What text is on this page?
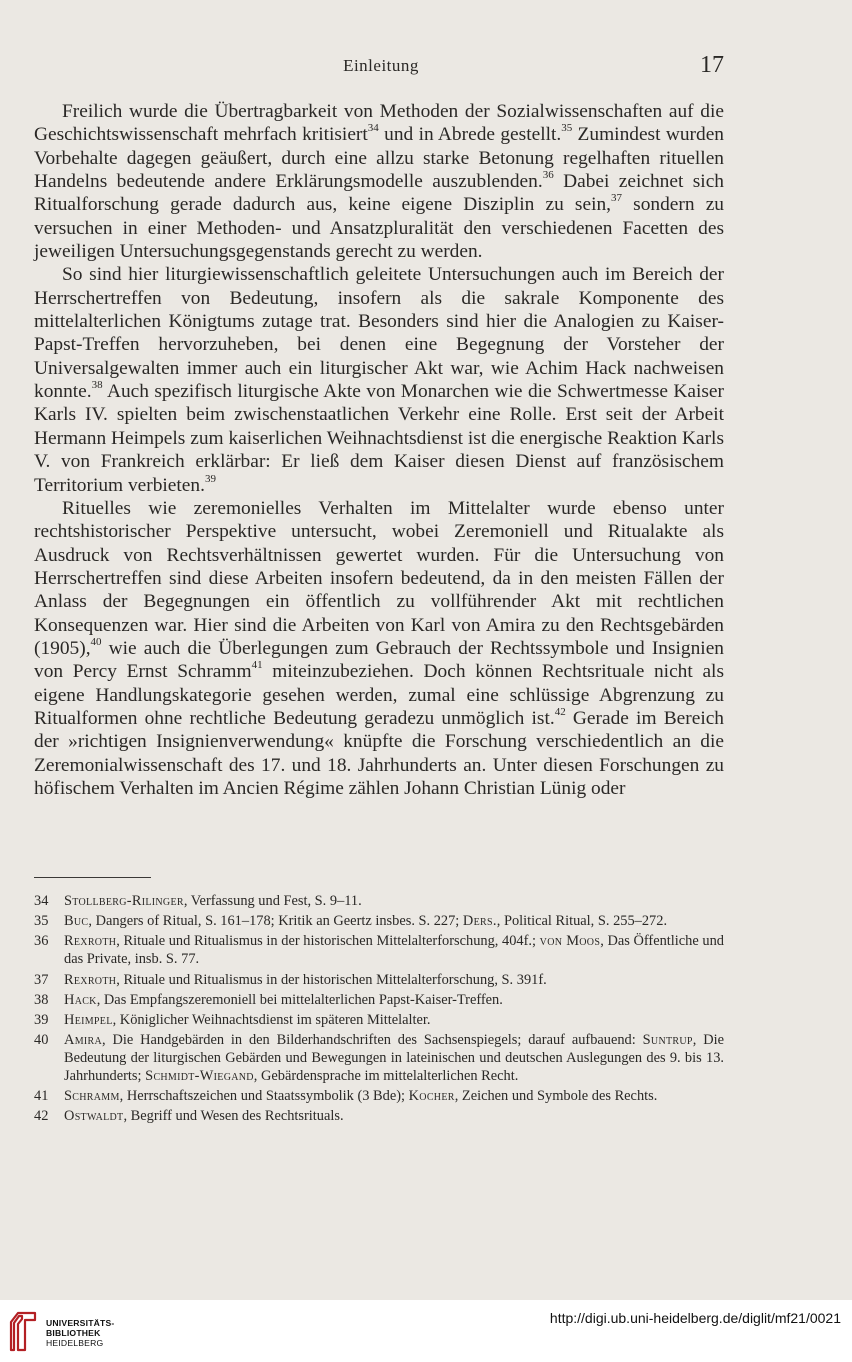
Einleitung	17

Freilich wurde die Übertragbarkeit von Methoden der Sozialwissenschaften auf die Geschichtswissenschaft mehrfach kritisiert$^{34}$ und in Abrede gestellt.$^{35}$ Zumindest wurden Vorbehalte dagegen geäußert, durch eine allzu starke Betonung regelhaften rituellen Handelns bedeutende andere Erklärungsmodelle auszublenden.$^{36}$ Dabei zeichnet sich Ritualforschung gerade dadurch aus, keine eigene Disziplin zu sein,$^{37}$ sondern zu versuchen in einer Methoden- und Ansatzpluralität den verschiedenen Facetten des jeweiligen Untersuchungsgegenstands gerecht zu werden.

So sind hier liturgiewissenschaftlich geleitete Untersuchungen auch im Bereich der Herrschertreffen von Bedeutung, insofern als die sakrale Komponente des mittelalterlichen Königtums zutage trat. Besonders sind hier die Analogien zu Kaiser-Papst-Treffen hervorzuheben, bei denen eine Begegnung der Vorsteher der Universalgewalten immer auch ein liturgischer Akt war, wie Achim Hack nachweisen konnte.$^{38}$ Auch spezifisch liturgische Akte von Monarchen wie die Schwertmesse Kaiser Karls IV. spielten beim zwischenstaatlichen Verkehr eine Rolle. Erst seit der Arbeit Hermann Heimpels zum kaiserlichen Weihnachtsdienst ist die energische Reaktion Karls V. von Frankreich erklärbar: Er ließ dem Kaiser diesen Dienst auf französischem Territorium verbieten.$^{39}$

Rituelles wie zeremonielles Verhalten im Mittelalter wurde ebenso unter rechtshistorischer Perspektive untersucht, wobei Zeremoniell und Ritualakte als Ausdruck von Rechtsverhältnissen gewertet wurden. Für die Untersuchung von Herrschertreffen sind diese Arbeiten insofern bedeutend, da in den meisten Fällen der Anlass der Begegnungen ein öffentlich zu vollführender Akt mit rechtlichen Konsequenzen war. Hier sind die Arbeiten von Karl von Amira zu den Rechtsgebärden (1905),$^{40}$ wie auch die Überlegungen zum Gebrauch der Rechtssymbole und Insignien von Percy Ernst Schramm$^{41}$ miteinzubeziehen. Doch können Rechtsrituale nicht als eigene Handlungskategorie gesehen werden, zumal eine schlüssige Abgrenzung zu Ritualformen ohne rechtliche Bedeutung geradezu unmöglich ist.$^{42}$ Gerade im Bereich der »richtigen Insignienverwendung« knüpfte die Forschung verschiedentlich an die Zeremonialwissenschaft des 17. und 18. Jahrhunderts an. Unter diesen Forschungen zu höfischem Verhalten im Ancien Régime zählen Johann Christian Lünig oder

34 Stollberg-Rilinger, Verfassung und Fest, S. 9–11.
35 Buc, Dangers of Ritual, S. 161–178; Kritik an Geertz insbes. S. 227; Ders., Political Ritual, S. 255–272.
36 Rexroth, Rituale und Ritualismus in der historischen Mittelalterforschung, 404f.; von Moos, Das Öffentliche und das Private, insb. S. 77.
37 Rexroth, Rituale und Ritualismus in der historischen Mittelalterforschung, S. 391f.
38 Hack, Das Empfangszeremoniell bei mittelalterlichen Papst-Kaiser-Treffen.
39 Heimpel, Königlicher Weihnachtsdienst im späteren Mittelalter.
40 Amira, Die Handgebärden in den Bilderhandschriften des Sachsenspiegels; darauf aufbauend: Suntrup, Die Bedeutung der liturgischen Gebärden und Bewegungen in lateinischen und deutschen Auslegungen des 9. bis 13. Jahrhunderts; Schmidt-Wiegand, Gebärdensprache im mittelalterlichen Recht.
41 Schramm, Herrschaftszeichen und Staatssymbolik (3 Bde); Kocher, Zeichen und Symbole des Rechts.
42 Ostwaldt, Begriff und Wesen des Rechtsrituals.
UNIVERSITÄTS-
BIBLIOTHEK
HEIDELBERG
http://digi.ub.uni-heidelberg.de/diglit/mf21/0021
